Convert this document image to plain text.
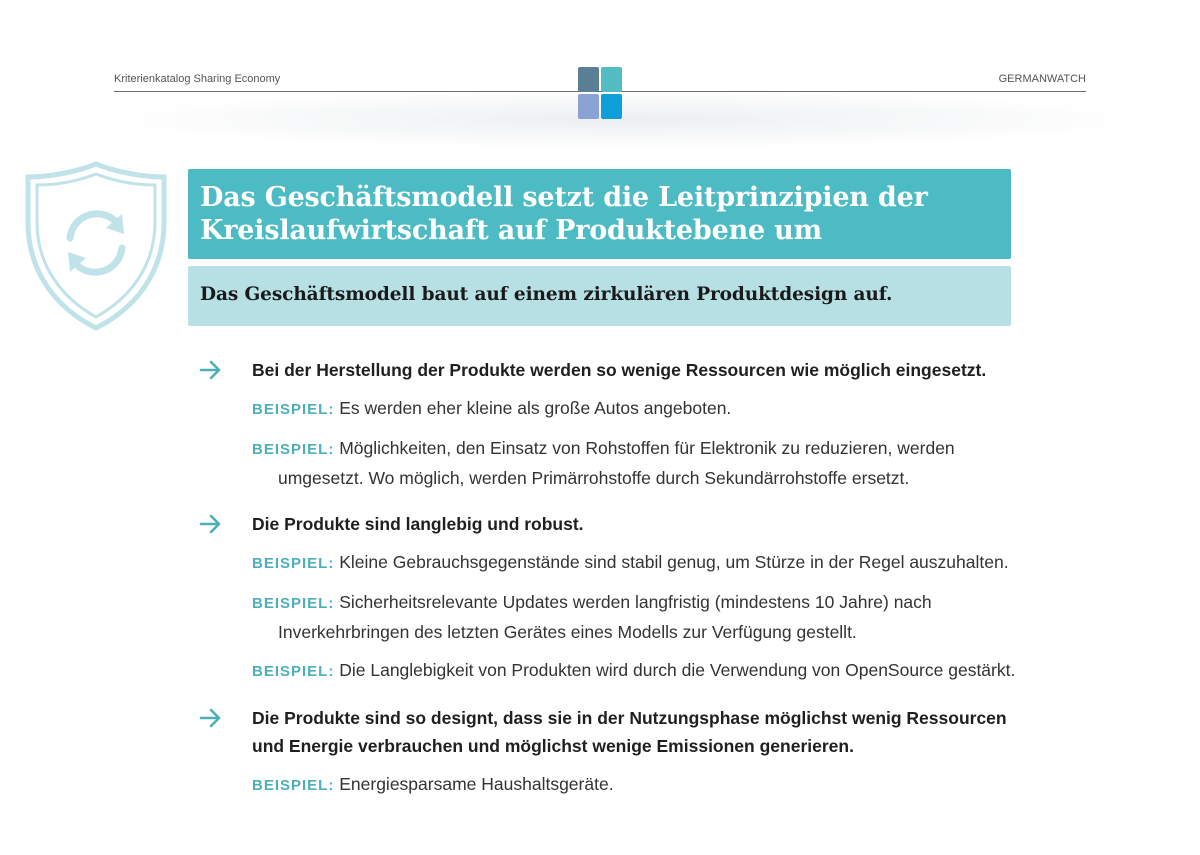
Kriterienkatalog Sharing Economy	GERMANWATCH
Das Geschäftsmodell setzt die Leitprinzipien der Kreislaufwirtschaft auf Produktebene um
Das Geschäftsmodell baut auf einem zirkulären Produktdesign auf.
Bei der Herstellung der Produkte werden so wenige Ressourcen wie möglich eingesetzt.

BEISPIEL: Es werden eher kleine als große Autos angeboten.

BEISPIEL: Möglichkeiten, den Einsatz von Rohstoffen für Elektronik zu reduzieren, werden umgesetzt. Wo möglich, werden Primärrohstoffe durch Sekundärrohstoffe ersetzt.

Die Produkte sind langlebig und robust.

BEISPIEL: Kleine Gebrauchsgegenstände sind stabil genug, um Stürze in der Regel auszuhalten.

BEISPIEL: Sicherheitsrelevante Updates werden langfristig (mindestens 10 Jahre) nach Inverkehrbringen des letzten Gerätes eines Modells zur Verfügung gestellt.

BEISPIEL: Die Langlebigkeit von Produkten wird durch die Verwendung von OpenSource gestärkt.

Die Produkte sind so designt, dass sie in der Nutzungsphase möglichst wenig Ressourcen und Energie verbrauchen und möglichst wenige Emissionen generieren.

BEISPIEL: Energiesparsame Haushaltsgeräte.
